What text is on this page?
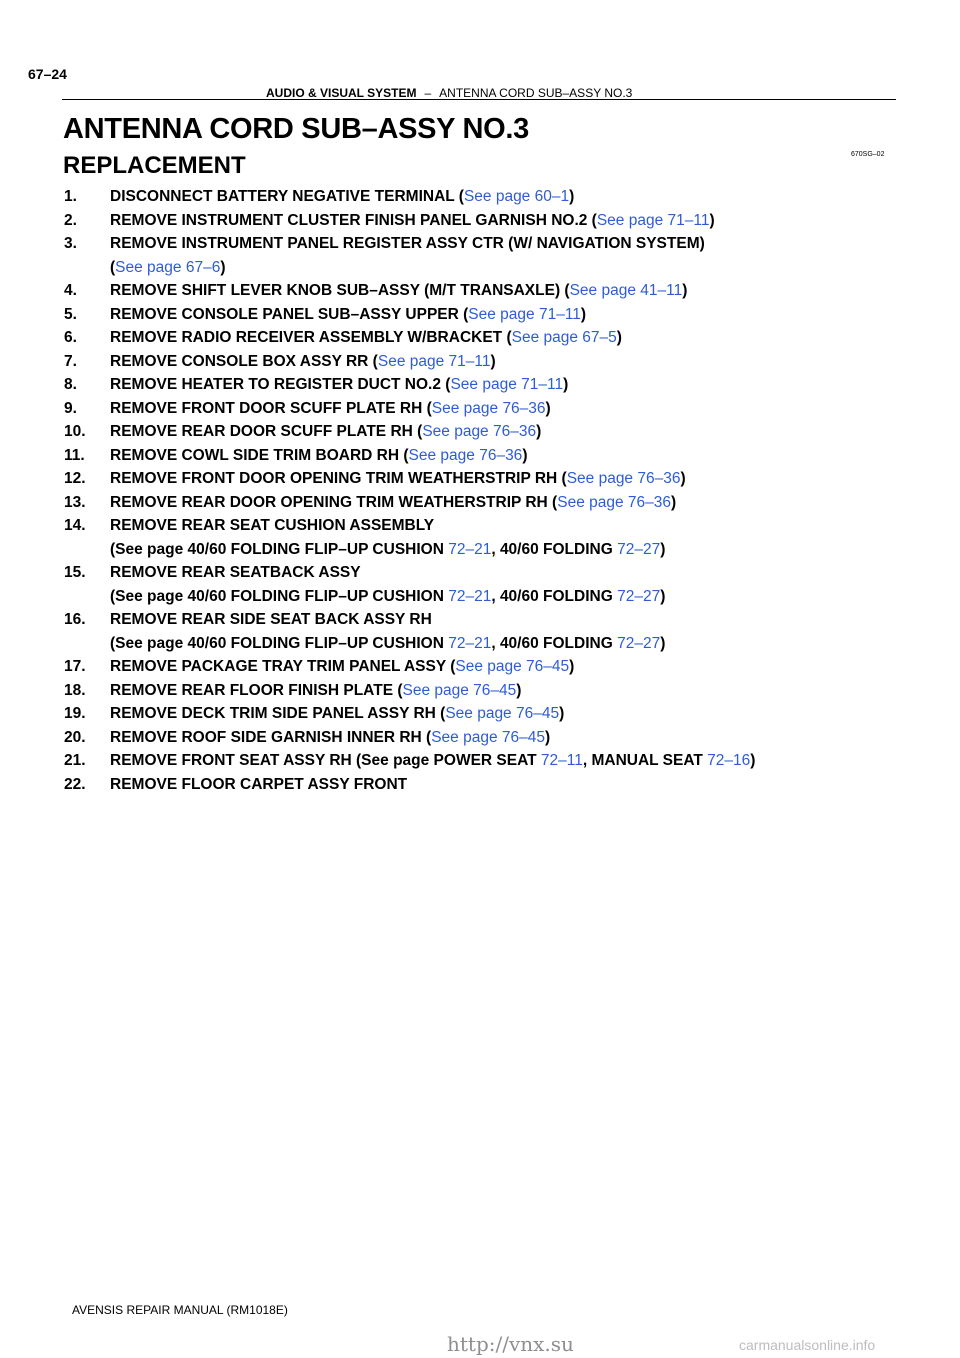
67–24
AUDIO & VISUAL SYSTEM – ANTENNA CORD SUB–ASSY NO.3
ANTENNA CORD SUB–ASSY NO.3
670SG–02
REPLACEMENT
1.	DISCONNECT BATTERY NEGATIVE TERMINAL (See page 60–1)
2.	REMOVE INSTRUMENT CLUSTER FINISH PANEL GARNISH NO.2 (See page 71–11)
3.	REMOVE INSTRUMENT PANEL REGISTER ASSY CTR (W/ NAVIGATION SYSTEM)
(See page 67–6)
4.	REMOVE SHIFT LEVER KNOB SUB–ASSY (M/T TRANSAXLE) (See page 41–11)
5.	REMOVE CONSOLE PANEL SUB–ASSY UPPER (See page 71–11)
6.	REMOVE RADIO RECEIVER ASSEMBLY W/BRACKET (See page 67–5)
7.	REMOVE CONSOLE BOX ASSY RR (See page 71–11)
8.	REMOVE HEATER TO REGISTER DUCT NO.2 (See page 71–11)
9.	REMOVE FRONT DOOR SCUFF PLATE RH (See page 76–36)
10.	REMOVE REAR DOOR SCUFF PLATE RH (See page 76–36)
11.	REMOVE COWL SIDE TRIM BOARD RH (See page 76–36)
12.	REMOVE FRONT DOOR OPENING TRIM WEATHERSTRIP RH (See page 76–36)
13.	REMOVE REAR DOOR OPENING TRIM WEATHERSTRIP RH (See page 76–36)
14.	REMOVE REAR SEAT CUSHION ASSEMBLY
(See page 40/60 FOLDING FLIP–UP CUSHION 72–21, 40/60 FOLDING 72–27)
15.	REMOVE REAR SEATBACK ASSY
(See page 40/60 FOLDING FLIP–UP CUSHION 72–21, 40/60 FOLDING 72–27)
16.	REMOVE REAR SIDE SEAT BACK ASSY RH
(See page 40/60 FOLDING FLIP–UP CUSHION 72–21, 40/60 FOLDING 72–27)
17.	REMOVE PACKAGE TRAY TRIM PANEL ASSY (See page 76–45)
18.	REMOVE REAR FLOOR FINISH PLATE (See page 76–45)
19.	REMOVE DECK TRIM SIDE PANEL ASSY RH (See page 76–45)
20.	REMOVE ROOF SIDE GARNISH INNER RH (See page 76–45)
21.	REMOVE FRONT SEAT ASSY RH (See page POWER SEAT 72–11, MANUAL SEAT 72–16)
22.	REMOVE FLOOR CARPET ASSY FRONT
AVENSIS REPAIR MANUAL (RM1018E)
http://vnx.su	carmanualsonline.info
